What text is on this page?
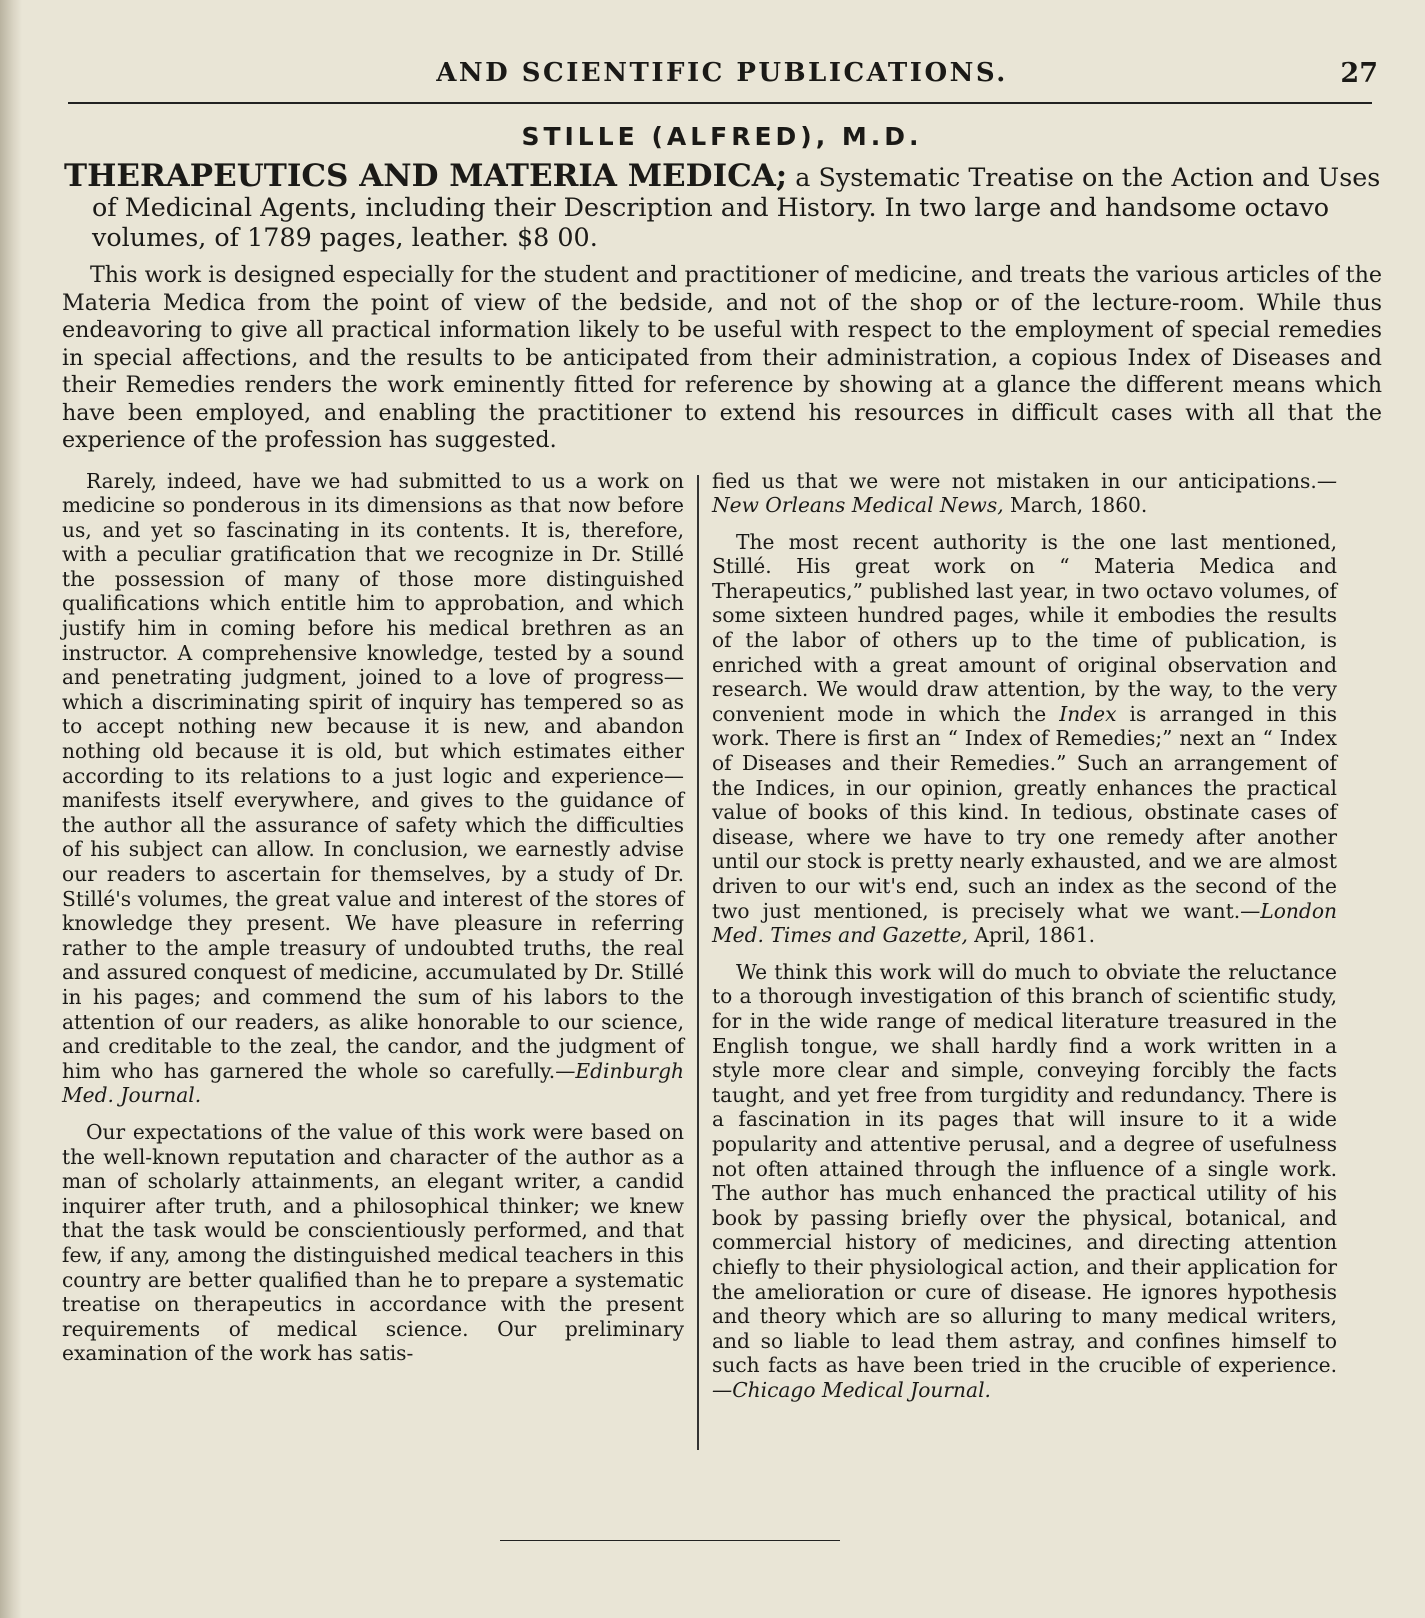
AND SCIENTIFIC PUBLICATIONS.	27
STILLE (ALFRED), M.D.

THERAPEUTICS AND MATERIA MEDICA; a Systematic Treatise on the Action and Uses of Medicinal Agents, including their Description and History. In two large and handsome octavo volumes, of 1789 pages, leather. $8 00.

This work is designed especially for the student and practitioner of medicine, and treats the various articles of the Materia Medica from the point of view of the bedside, and not of the shop or of the lecture-room. While thus endeavoring to give all practical information likely to be useful with respect to the employment of special remedies in special affections, and the results to be anticipated from their administration, a copious Index of Diseases and their Remedies renders the work eminently fitted for reference by showing at a glance the different means which have been employed, and enabling the practitioner to extend his resources in difficult cases with all that the experience of the profession has suggested.

Rarely, indeed, have we had submitted to us a work on medicine so ponderous in its dimensions as that now before us, and yet so fascinating in its contents. It is, therefore, with a peculiar gratification that we recognize in Dr. Stillé the possession of many of those more distinguished qualifications which entitle him to approbation, and which justify him in coming before his medical brethren as an instructor. A comprehensive knowledge, tested by a sound and penetrating judgment, joined to a love of progress—which a discriminating spirit of inquiry has tempered so as to accept nothing new because it is new, and abandon nothing old because it is old, but which estimates either according to its relations to a just logic and experience—manifests itself everywhere, and gives to the guidance of the author all the assurance of safety which the difficulties of his subject can allow. In conclusion, we earnestly advise our readers to ascertain for themselves, by a study of Dr. Stillé's volumes, the great value and interest of the stores of knowledge they present. We have pleasure in referring rather to the ample treasury of undoubted truths, the real and assured conquest of medicine, accumulated by Dr. Stillé in his pages; and commend the sum of his labors to the attention of our readers, as alike honorable to our science, and creditable to the zeal, the candor, and the judgment of him who has garnered the whole so carefully.—Edinburgh Med. Journal.

Our expectations of the value of this work were based on the well-known reputation and character of the author as a man of scholarly attainments, an elegant writer, a candid inquirer after truth, and a philosophical thinker; we knew that the task would be conscientiously performed, and that few, if any, among the distinguished medical teachers in this country are better qualified than he to prepare a systematic treatise on therapeutics in accordance with the present requirements of medical science. Our preliminary examination of the work has satis-

fied us that we were not mistaken in our anticipations.—New Orleans Medical News, March, 1860.

The most recent authority is the one last mentioned, Stillé. His great work on “ Materia Medica and Therapeutics,” published last year, in two octavo volumes, of some sixteen hundred pages, while it embodies the results of the labor of others up to the time of publication, is enriched with a great amount of original observation and research. We would draw attention, by the way, to the very convenient mode in which the Index is arranged in this work. There is first an “ Index of Remedies;” next an “ Index of Diseases and their Remedies.” Such an arrangement of the Indices, in our opinion, greatly enhances the practical value of books of this kind. In tedious, obstinate cases of disease, where we have to try one remedy after another until our stock is pretty nearly exhausted, and we are almost driven to our wit's end, such an index as the second of the two just mentioned, is precisely what we want.—London Med. Times and Gazette, April, 1861.

We think this work will do much to obviate the reluctance to a thorough investigation of this branch of scientific study, for in the wide range of medical literature treasured in the English tongue, we shall hardly find a work written in a style more clear and simple, conveying forcibly the facts taught, and yet free from turgidity and redundancy. There is a fascination in its pages that will insure to it a wide popularity and attentive perusal, and a degree of usefulness not often attained through the influence of a single work. The author has much enhanced the practical utility of his book by passing briefly over the physical, botanical, and commercial history of medicines, and directing attention chiefly to their physiological action, and their application for the amelioration or cure of disease. He ignores hypothesis and theory which are so alluring to many medical writers, and so liable to lead them astray, and confines himself to such facts as have been tried in the crucible of experience.—Chicago Medical Journal.
